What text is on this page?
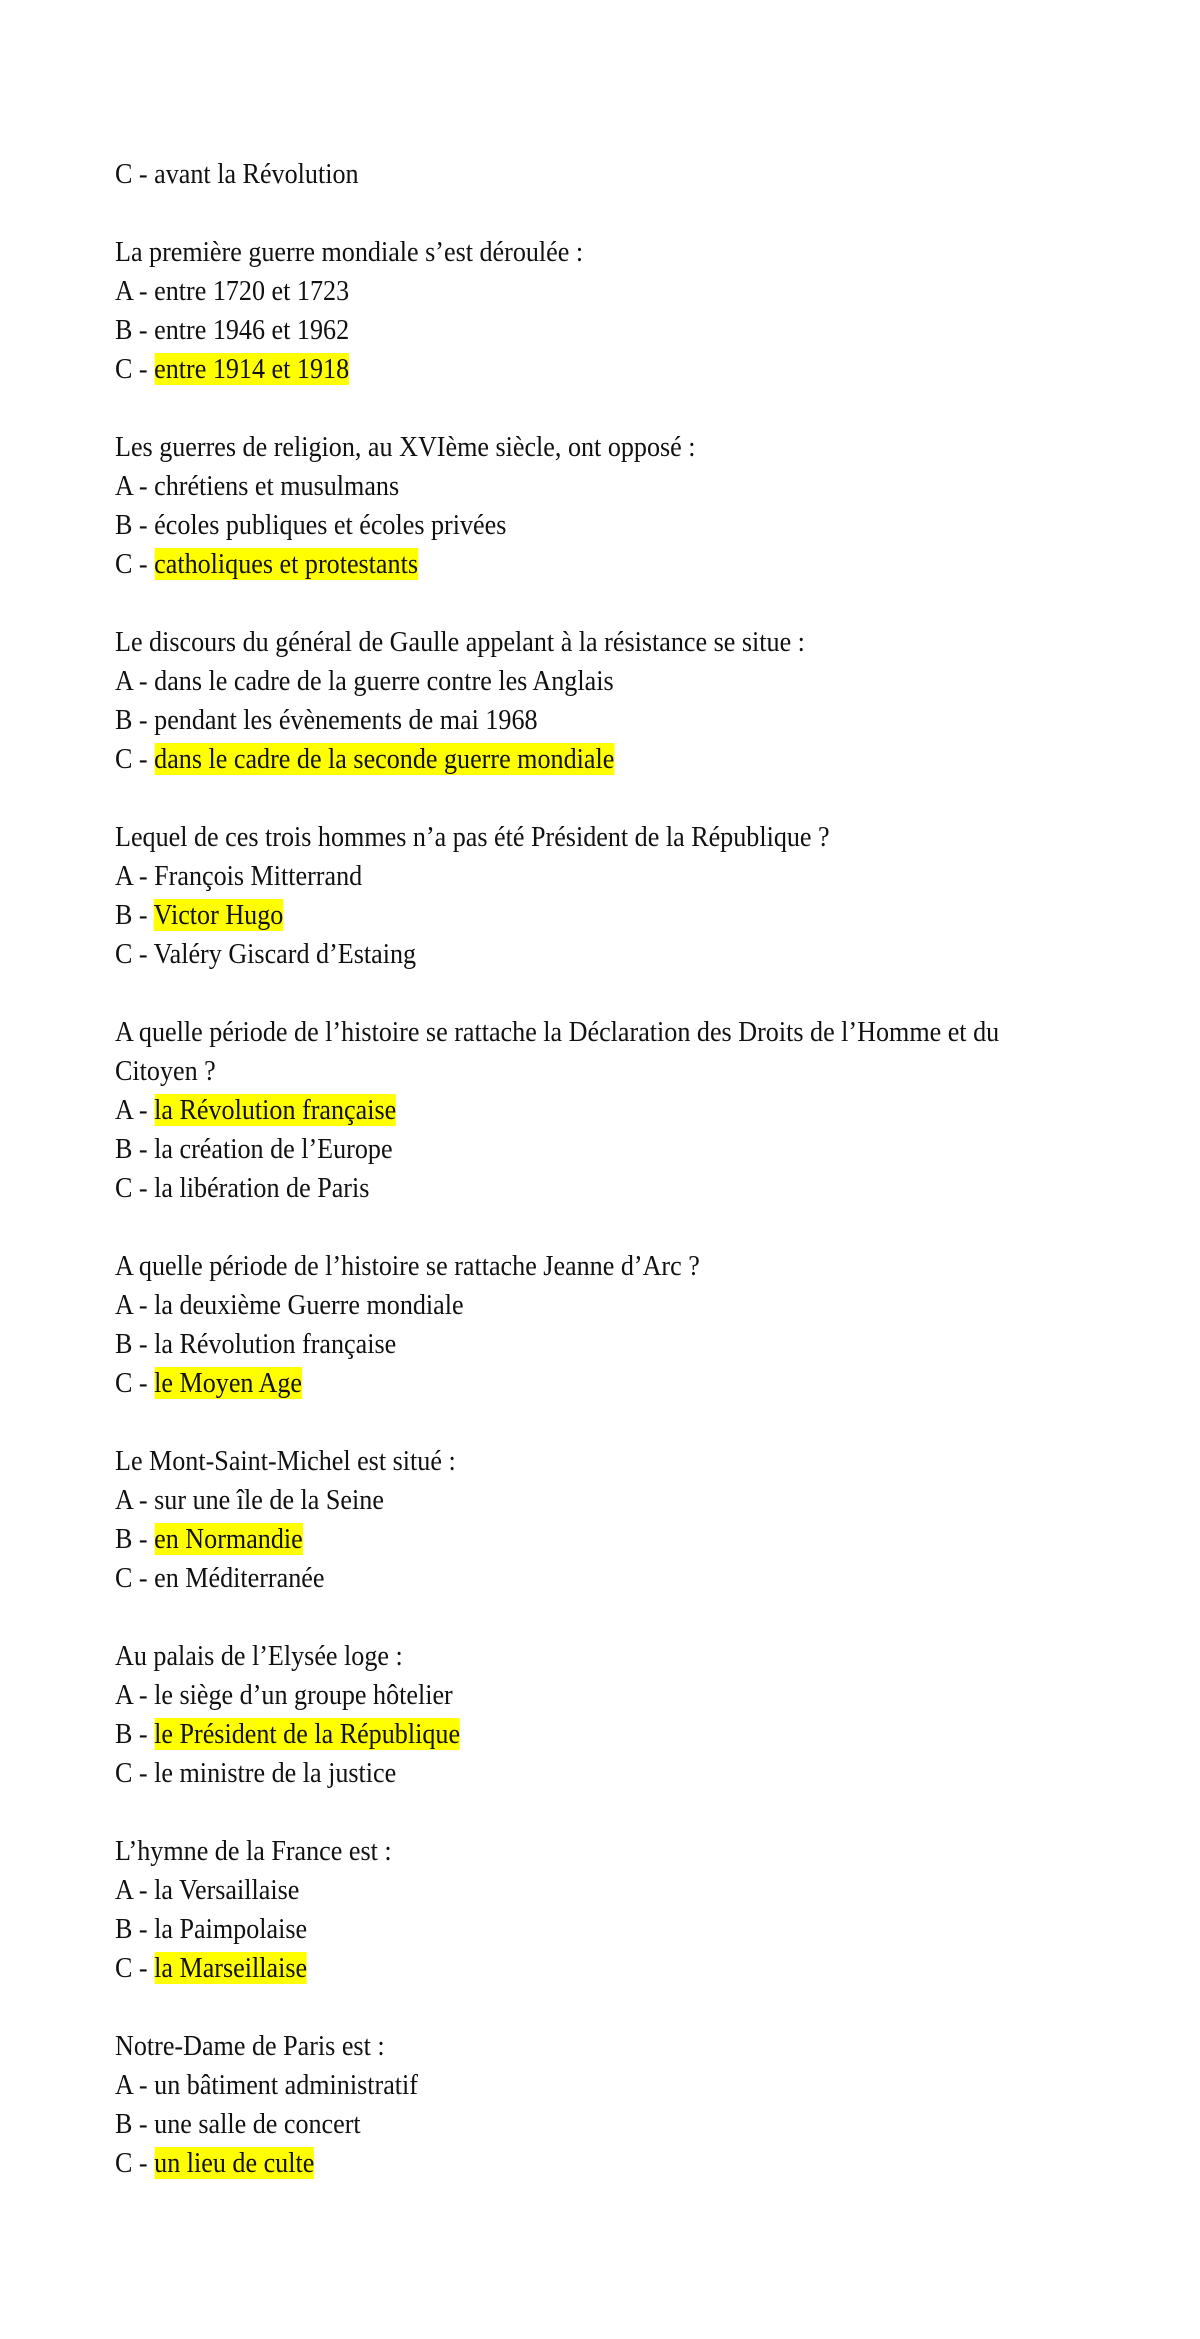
C - avant la Révolution
La première guerre mondiale s’est déroulée :
A - entre 1720 et 1723
B - entre 1946 et 1962
C - entre 1914 et 1918
Les guerres de religion, au XVIème siècle, ont opposé :
A - chrétiens et musulmans
B - écoles publiques et écoles privées
C - catholiques et protestants
Le discours du général de Gaulle appelant à la résistance se situe :
A - dans le cadre de la guerre contre les Anglais
B - pendant les évènements de mai 1968
C - dans le cadre de la seconde guerre mondiale
Lequel de ces trois hommes n’a pas été Président de la République ?
A - François Mitterrand
B - Victor Hugo
C - Valéry Giscard d’Estaing
A quelle période de l’histoire se rattache la Déclaration des Droits de l’Homme et du Citoyen ?
A - la Révolution française
B - la création de l’Europe
C - la libération de Paris
A quelle période de l’histoire se rattache Jeanne d’Arc ?
A - la deuxième Guerre mondiale
B - la Révolution française
C - le Moyen Age
Le Mont-Saint-Michel est situé :
A - sur une île de la Seine
B - en Normandie
C - en Méditerranée
Au palais de l’Elysée loge :
A - le siège d’un groupe hôtelier
B - le Président de la République
C - le ministre de la justice
L’hymne de la France est :
A - la Versaillaise
B - la Paimpolaise
C - la Marseillaise
Notre-Dame de Paris est :
A - un bâtiment administratif
B - une salle de concert
C - un lieu de culte
